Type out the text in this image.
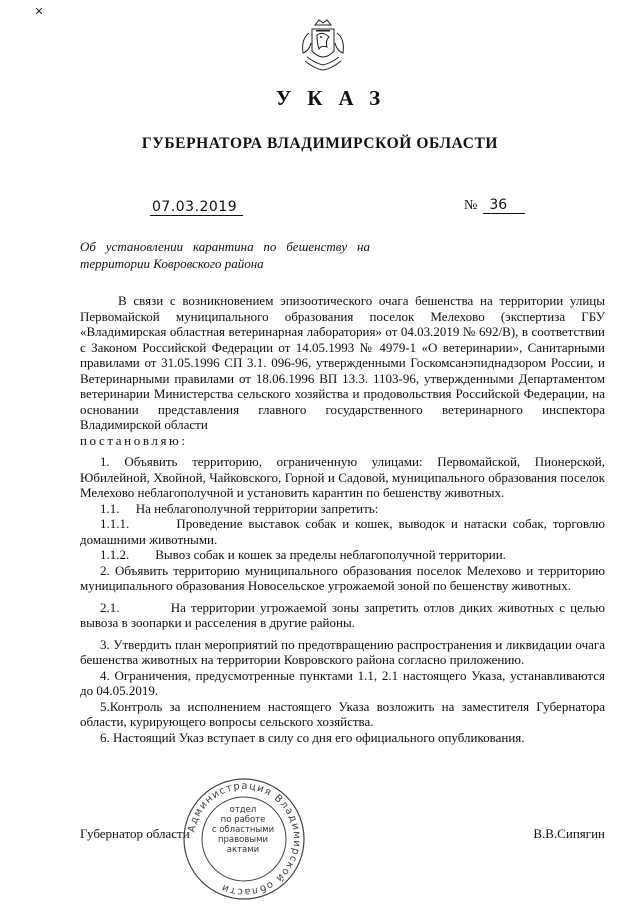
УКАЗ
ГУБЕРНАТОРА ВЛАДИМИРСКОЙ ОБЛАСТИ
07.03.2019	№ 36
Об установлении карантина по бешенству на
территории Ковровского района

В связи с возникновением эпизоотического очага бешенства на территории улицы Первомайской муниципального образования поселок Мелехово (экспертиза ГБУ «Владимирская областная ветеринарная лаборатория» от 04.03.2019 № 692/В), в соответствии с Законом Российской Федерации от 14.05.1993 № 4979-1 «О ветеринарии», Санитарными правилами от 31.05.1996 СП 3.1. 096-96, утвержденными Госкомсанэпиднадзором России, и Ветеринарными правилами от 18.06.1996 ВП 13.3. 1103-96, утвержденными Департаментом ветеринарии Министерства сельского хозяйства и продовольствия Российской Федерации, на основании представления главного государственного ветеринарного инспектора Владимирской области

постановляю:

1. Объявить территорию, ограниченную улицами: Первомайской, Пионерской, Юбилейной, Хвойной, Чайковского, Горной и Садовой, муниципального образования поселок Мелехово неблагополучной и установить карантин по бешенству животных.

1.1.     На неблагополучной территории запретить:

1.1.1.        Проведение выставок собак и кошек, выводок и натаски собак, торговлю домашними животными.

1.1.2.        Вывоз собак и кошек за пределы неблагополучной территории.

2. Объявить территорию муниципального образования поселок Мелехово и территорию муниципального образования Новосельское угрожаемой зоной по бешенству животных.

2.1.          На территории угрожаемой зоны запретить отлов диких животных с целью вывоза в зоопарки и расселения в другие районы.

3. Утвердить план мероприятий по предотвращению распространения и ликвидации очага бешенства животных на территории Ковровского района согласно приложению.

4. Ограничения, предусмотренные пунктами 1.1, 2.1 настоящего Указа, устанавливаются до 04.05.2019.

5.Контроль за исполнением настоящего Указа возложить на заместителя Губернатора области, курирующего вопросы сельского хозяйства.

6. Настоящий Указ вступает в силу со дня его официального опубликования.

Губернатор области	В.В.Сипягин
Администрация Владимирской области
отдел
по работе
с областными
правовыми
актами
